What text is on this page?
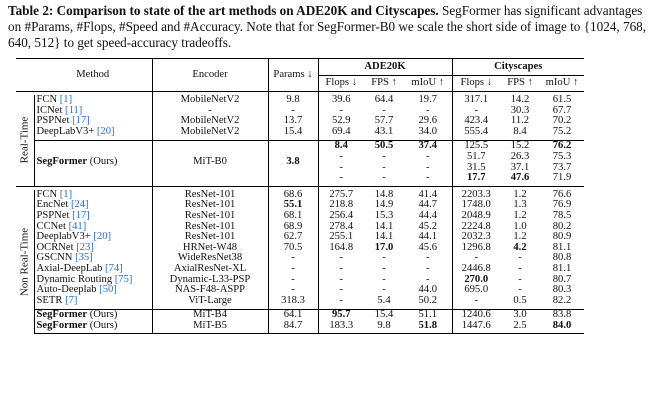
Table 2: Comparison to state of the art methods on ADE20K and Cityscapes. SegFormer has significant advantages on #Params, #Flops, #Speed and #Accuracy. Note that for SegFormer-B0 we scale the short side of image to {1024, 768, 640, 512} to get speed-accuracy tradeoffs.
	Method	Encoder	Params ↓	ADE20K			Cityscapes		
				Flops ↓	FPS ↑	mIoU ↑	Flops ↓	FPS ↑	mIoU ↑

Real-Time	FCN [1]	MobileNetV2	9.8	39.6	64.4	19.7	317.1	14.2	61.5
	ICNet [11]	-	-	-	-	-	-	30.3	67.7
	PSPNet [17]	MobileNetV2	13.7	52.9	57.7	29.6	423.4	11.2	70.2
	DeepLabV3+ [20]	MobileNetV2	15.4	69.4	43.1	34.0	555.4	8.4	75.2

	SegFormer (Ours)	MiT-B0	3.8	8.4	50.5	37.4	125.5	15.2	76.2
				-	-	-	51.7	26.3	75.3
				-	-	-	31.5	37.1	73.7
				-	-	-	17.7	47.6	71.9

Non Real-Time	FCN [1]	ResNet-101	68.6	275.7	14.8	41.4	2203.3	1.2	76.6
	EncNet [24]	ResNet-101	55.1	218.8	14.9	44.7	1748.0	1.3	76.9
	PSPNet [17]	ResNet-101	68.1	256.4	15.3	44.4	2048.9	1.2	78.5
	CCNet [41]	ResNet-101	68.9	278.4	14.1	45.2	2224.8	1.0	80.2
	DeeplabV3+ [20]	ResNet-101	62.7	255.1	14.1	44.1	2032.3	1.2	80.9
	OCRNet [23]	HRNet-W48	70.5	164.8	17.0	45.6	1296.8	4.2	81.1
	GSCNN [35]	WideResNet38	-	-	-	-	-	-	80.8
	Axial-DeepLab [74]	AxialResNet-XL	-	-	-	-	2446.8	-	81.1
	Dynamic Routing [75]	Dynamic-L33-PSP	-	-	-	-	270.0	-	80.7
	Auto-Deeplab [50]	NAS-F48-ASPP	-	-	-	44.0	695.0	-	80.3
	SETR [7]	ViT-Large	318.3	-	5.4	50.2	-	0.5	82.2

	SegFormer (Ours)	MiT-B4	64.1	95.7	15.4	51.1	1240.6	3.0	83.8
	SegFormer (Ours)	MiT-B5	84.7	183.3	9.8	51.8	1447.6	2.5	84.0
